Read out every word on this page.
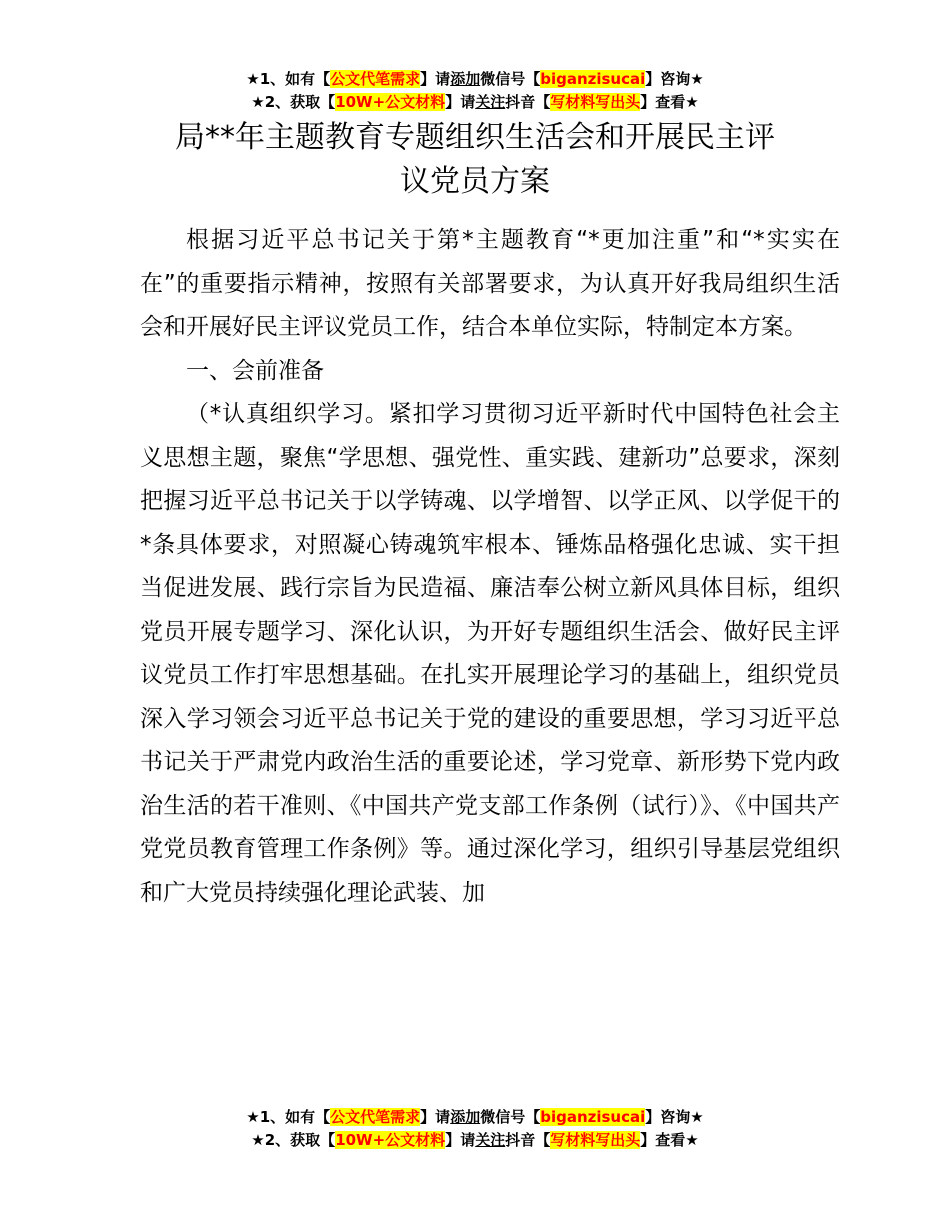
★1、如有【公文代笔需求】请添加微信号【biganzisucai】咨询★
★2、获取【10W+公文材料】请关注抖音【写材料写出头】查看★
局**年主题教育专题组织生活会和开展民主评
议党员方案

根据习近平总书记关于第*主题教育“*更加注重”和“*实实在在”的重要指示精神，按照有关部署要求，为认真开好我局组织生活会和开展好民主评议党员工作，结合本单位实际，特制定本方案。

一、会前准备

（*认真组织学习。紧扣学习贯彻习近平新时代中国特色社会主义思想主题，聚焦“学思想、强党性、重实践、建新功”总要求，深刻把握习近平总书记关于以学铸魂、以学增智、以学正风、以学促干的*条具体要求，对照凝心铸魂筑牢根本、锤炼品格强化忠诚、实干担当促进发展、践行宗旨为民造福、廉洁奉公树立新风具体目标，组织党员开展专题学习、深化认识，为开好专题组织生活会、做好民主评议党员工作打牢思想基础。在扎实开展理论学习的基础上，组织党员深入学习领会习近平总书记关于党的建设的重要思想，学习习近平总书记关于严肃党内政治生活的重要论述，学习党章、新形势下党内政治生活的若干准则、《中国共产党支部工作条例（试行）》、《中国共产党党员教育管理工作条例》等。通过深化学习，组织引导基层党组织和广大党员持续强化理论武装、加

★1、如有【公文代笔需求】请添加微信号【biganzisucai】咨询★
★2、获取【10W+公文材料】请关注抖音【写材料写出头】查看★
